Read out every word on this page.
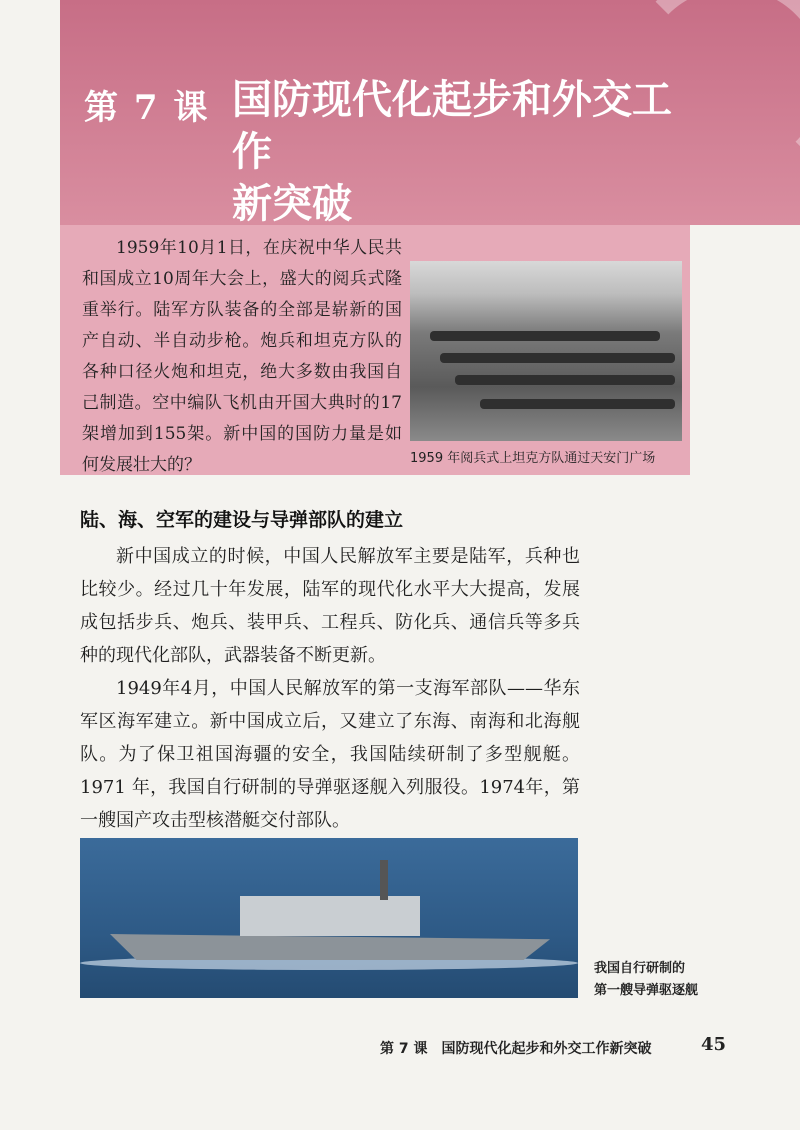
第 7 课 国防现代化起步和外交工作
新突破

1959年10月1日，在庆祝中华人民共和国成立10周年大会上，盛大的阅兵式隆重举行。陆军方队装备的全部是崭新的国产自动、半自动步枪。炮兵和坦克方队的各种口径火炮和坦克，绝大多数由我国自己制造。空中编队飞机由开国大典时的17架增加到155架。新中国的国防力量是如何发展壮大的？	1959 年阅兵式上坦克方队通过天安门广场
陆、海、空军的建设与导弹部队的建立

新中国成立的时候，中国人民解放军主要是陆军，兵种也比较少。经过几十年发展，陆军的现代化水平大大提高，发展成包括步兵、炮兵、装甲兵、工程兵、防化兵、通信兵等多兵种的现代化部队，武器装备不断更新。

1949年4月，中国人民解放军的第一支海军部队——华东军区海军建立。新中国成立后，又建立了东海、南海和北海舰队。为了保卫祖国海疆的安全，我国陆续研制了多型舰艇。1971 年，我国自行研制的导弹驱逐舰入列服役。1974年，第一艘国产攻击型核潜艇交付部队。

我国自行研制的
第一艘导弹驱逐舰
第 7 课　国防现代化起步和外交工作新突破	45
